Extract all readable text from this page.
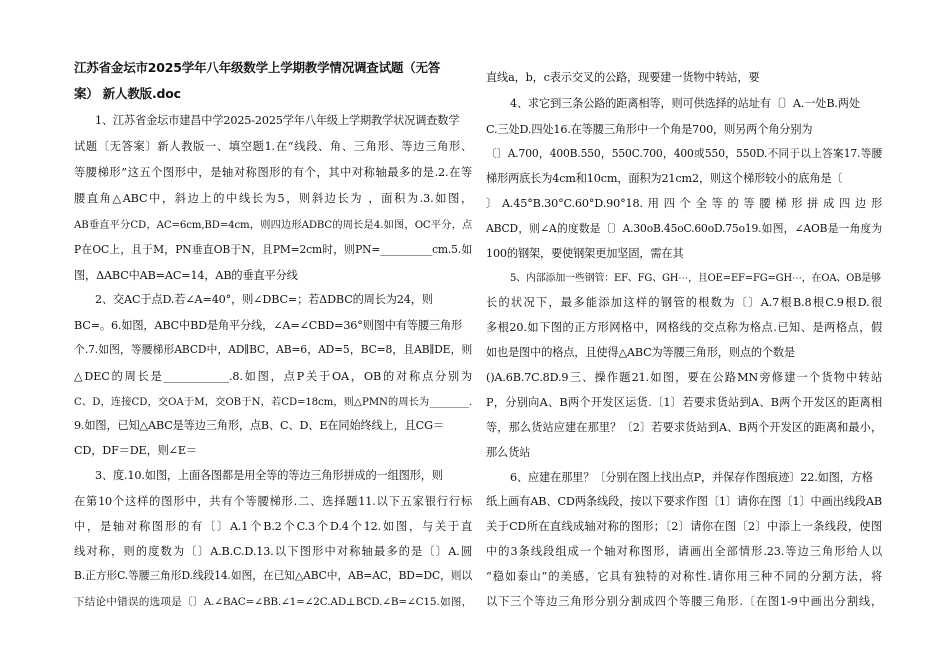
江苏省金坛市2025学年八年级数学上学期教学情况调查试题（无答
案） 新人教版.doc
1、江苏省金坛市建昌中学2025-2025学年八年级上学期教学状况调查数学
试题〔无答案〕新人教版一、填空题1.在“线段、角、三角形、等边三角形、
等腰梯形”这五个图形中，是轴对称图形的有个，其中对称轴最多的是.2.在等
腰直角△ABC中，斜边上的中线长为5，则斜边长为 ，面积为.3.如图，
AB垂直平分CD，AC=6cm,BD=4cm，则四边形ADBC的周长是4.如图，OC平分，点
P在OC上，且于M，PN垂直OB于N，且PM=2cm时，则PN=__________cm.5.如
图，ΔABC中AB=AC=14，AB的垂直平分线
2、交AC于点D.若∠A=40°，则∠DBC=；若ΔDBC的周长为24，则
BC=。6.如图，ABC中BD是角平分线，∠A=∠CBD=36°则图中有等腰三角形
个.7.如图，等腰梯形ABCD中，AD∥BC，AB=6，AD=5，BC=8，且AB∥DE，则
△DEC的周长是____________.8.如图，点P关于OA，OB的对称点分别为
C、D，连接CD，交OA于M，交OB于N，若CD=18cm，则△PMN的周长为________.
9.如图，已知△ABC是等边三角形，点B、C、D、E在同始终线上，且CG＝
CD，DF＝DE，则∠E＝
3、度.10.如图，上面各图都是用全等的等边三角形拼成的一组图形，则
在第10个这样的图形中，共有个等腰梯形.二、选择题11.以下五家银行行标
中，是轴对称图形的有〔〕A.1个B.2个C.3个D.4个12.如图，与关于直
线对称，则的度数为〔〕A.B.C.D.13.以下图形中对称轴最多的是〔〕A.圆
B.正方形C.等腰三角形D.线段14.如图，在已知△ABC中，AB=AC，BD=DC，则以
下结论中错误的选项是〔〕A.∠BAC=∠BB.∠1=∠2C.AD⊥BCD.∠B=∠C15.如图，
直线a，b，c表示交叉的公路，现要建一货物中转站，要
4、求它到三条公路的距离相等，则可供选择的站址有〔〕A.一处B.两处
C.三处D.四处16.在等腰三角形中一个角是700，则另两个角分别为
〔〕A.700，400B.550，550C.700，400或550，550D.不同于以上答案17.等腰
梯形两底长为4cm和10cm，面积为21cm2，则这个梯形较小的底角是〔
〕A.45°B.30°C.60°D.90°18.用四个全等的等腰梯形拼成四边形
ABCD，则∠A的度数是〔〕A.30oB.45oC.60oD.75o19.如图，∠AOB是一角度为
100的钢架，要使钢架更加坚固，需在其
5、内部添加一些钢管：EF、FG、GH⋯，且OE=EF=FG=GH⋯，在OA、OB是够
长的状况下，最多能添加这样的钢管的根数为〔〕A.7根B.8根C.9根D.很
多根20.如下图的正方形网格中，网格线的交点称为格点.已知、是两格点，假
如也是图中的格点，且使得△ABC为等腰三角形，则点的个数是
()A.6B.7C.8D.9三、操作题21.如图，要在公路MN旁修建一个货物中转站
P，分别向A、B两个开发区运货.〔1〕若要求货站到A、B两个开发区的距离相
等，那么货站应建在那里？〔2〕若要求货站到A、B两个开发区的距离和最小，
那么货站
6、应建在那里？〔分别在图上找出点P，并保存作图痕迹〕22.如图，方格
纸上画有AB、CD两条线段，按以下要求作图〔1〕请你在图〔1〕中画出线段AB
关于CD所在直线成轴对称的图形；〔2〕请你在图〔2〕中添上一条线段，使图
中的3条线段组成一个轴对称图形，请画出全部情形.23.等边三角形给人以
“稳如泰山”的美感，它具有独特的对称性.请你用三种不同的分割方法，将
以下三个等边三角形分别分割成四个等腰三角形.〔在图1-9中画出分割线，
